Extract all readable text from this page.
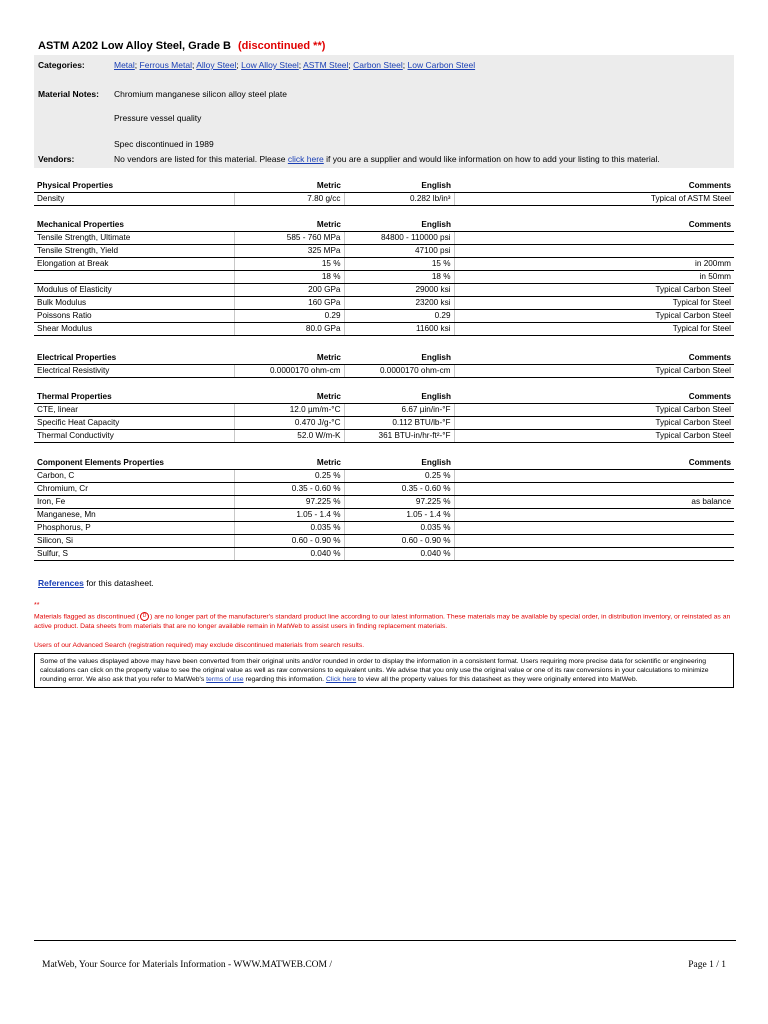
ASTM A202 Low Alloy Steel, Grade B (discontinued **)
Categories:	Metal; Ferrous Metal; Alloy Steel; Low Alloy Steel; ASTM Steel; Carbon Steel; Low Carbon Steel
Material Notes: Chromium manganese silicon alloy steel plate
Pressure vessel quality
Spec discontinued in 1989
Vendors:	No vendors are listed for this material. Please click here if you are a supplier and would like information on how to add your listing to this material.
Physical Properties	Metric	English	Comments
Density	7.80 g/cc	0.282 lb/in³	Typical of ASTM Steel
Mechanical Properties	Metric	English	Comments
Tensile Strength, Ultimate	585 - 760 MPa	84800 - 110000 psi	
Tensile Strength, Yield	325 MPa	47100 psi	
Elongation at Break	15 %	15 %	in 200mm
	18 %	18 %	in 50mm
Modulus of Elasticity	200 GPa	29000 ksi	Typical Carbon Steel
Bulk Modulus	160 GPa	23200 ksi	Typical for Steel
Poissons Ratio	0.29	0.29	Typical Carbon Steel
Shear Modulus	80.0 GPa	11600 ksi	Typical for Steel
Electrical Properties	Metric	English	Comments
Electrical Resistivity	0.0000170 ohm-cm	0.0000170 ohm-cm	Typical Carbon Steel
Thermal Properties	Metric	English	Comments
CTE, linear	12.0 µm/m-°C	6.67 µin/in-°F	Typical Carbon Steel
Specific Heat Capacity	0.470 J/g-°C	0.112 BTU/lb-°F	Typical Carbon Steel
Thermal Conductivity	52.0 W/m-K	361 BTU-in/hr-ft²-°F	Typical Carbon Steel
Component Elements Properties	Metric	English	Comments
Carbon, C	0.25 %	0.25 %	
Chromium, Cr	0.35 - 0.60 %	0.35 - 0.60 %	
Iron, Fe	97.225 %	97.225 %	as balance
Manganese, Mn	1.05 - 1.4 %	1.05 - 1.4 %	
Phosphorus, P	0.035 %	0.035 %	
Silicon, Si	0.60 - 0.90 %	0.60 - 0.90 %	
Sulfur, S	0.040 %	0.040 %	
References for this datasheet.
**
Materials flagged as discontinued ( D ) are no longer part of the manufacturer's standard product line according to our latest information. These materials may be available by special order, in distribution inventory, or reinstated as an active product. Data sheets from materials that are no longer available remain in MatWeb to assist users in finding replacement materials.
Users of our Advanced Search (registration required) may exclude discontinued materials from search results.
Some of the values displayed above may have been converted from their original units and/or rounded in order to display the information in a consistent format. Users requiring more precise data for scientific or engineering calculations can click on the property value to see the original value as well as raw conversions to equivalent units. We advise that you only use the original value or one of its raw conversions in your calculations to minimize rounding error. We also ask that you refer to MatWeb's terms of use regarding this information. Click here to view all the property values for this datasheet as they were originally entered into MatWeb.
MatWeb, Your Source for Materials Information - WWW.MATWEB.COM /	Page 1 / 1
